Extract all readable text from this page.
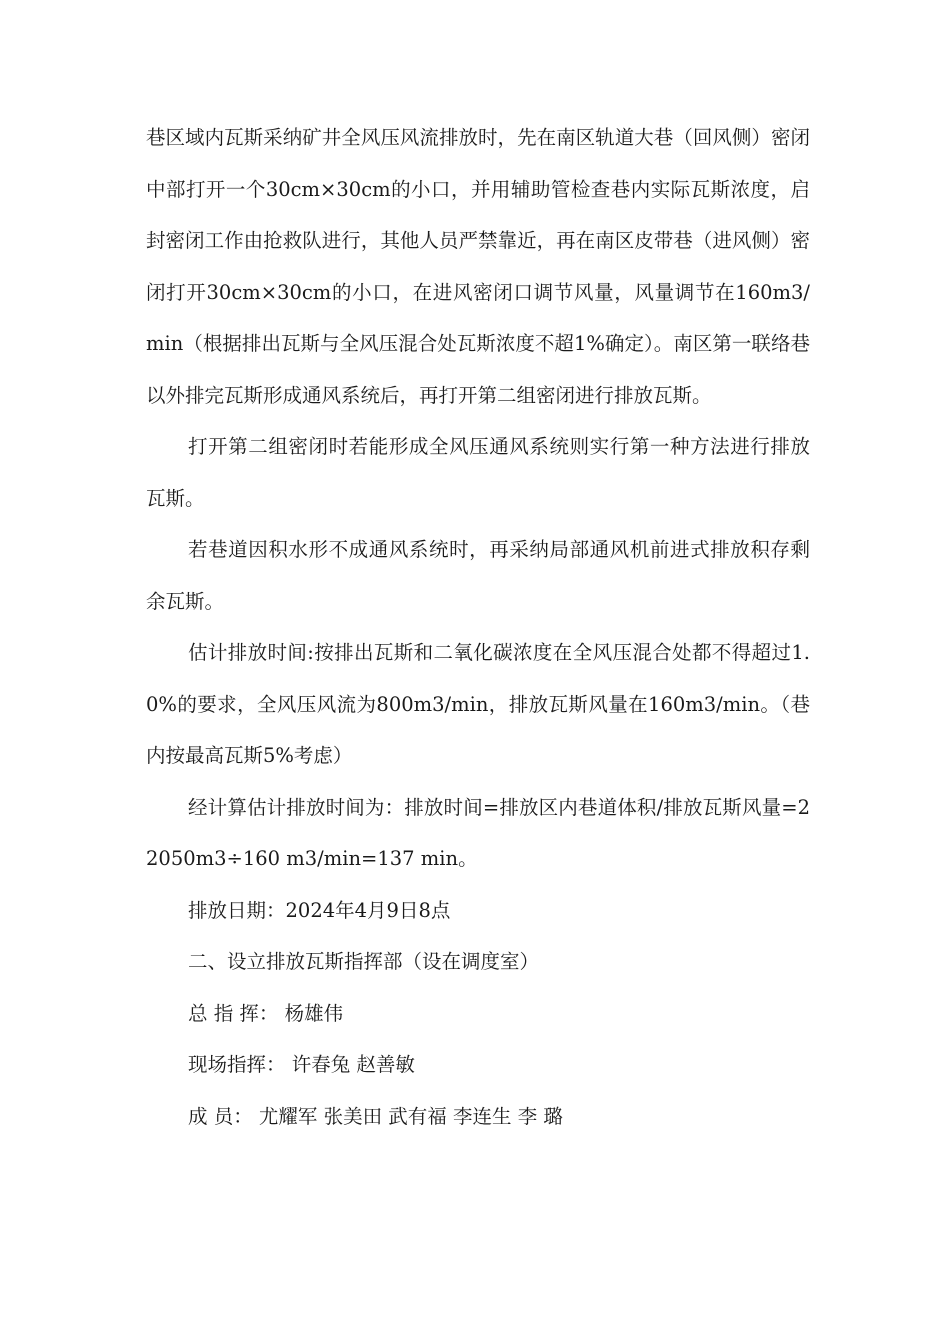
巷区域内瓦斯采纳矿井全风压风流排放时，先在南区轨道大巷（回风侧）密闭中部打开一个30cm×30cm的小口，并用辅助管检查巷内实际瓦斯浓度，启封密闭工作由抢救队进行，其他人员严禁靠近，再在南区皮带巷（进风侧）密闭打开30cm×30cm的小口，在进风密闭口调节风量，风量调节在160m3/min（根据排出瓦斯与全风压混合处瓦斯浓度不超1%确定）。南区第一联络巷以外排完瓦斯形成通风系统后，再打开第二组密闭进行排放瓦斯。

打开第二组密闭时若能形成全风压通风系统则实行第一种方法进行排放瓦斯。

若巷道因积水形不成通风系统时，再采纳局部通风机前进式排放积存剩余瓦斯。

估计排放时间:按排出瓦斯和二氧化碳浓度在全风压混合处都不得超过1.0%的要求，全风压风流为800m3/min，排放瓦斯风量在160m3/min。（巷内按最高瓦斯5%考虑）

经计算估计排放时间为：排放时间=排放区内巷道体积/排放瓦斯风量=22050m3÷160 m3/min=137 min。

排放日期：2024年4月9日8点

二、设立排放瓦斯指挥部（设在调度室）

总 指 挥： 杨雄伟

现场指挥： 许春兔 赵善敏

成 员： 尤耀军 张美田 武有福 李连生 李 璐
